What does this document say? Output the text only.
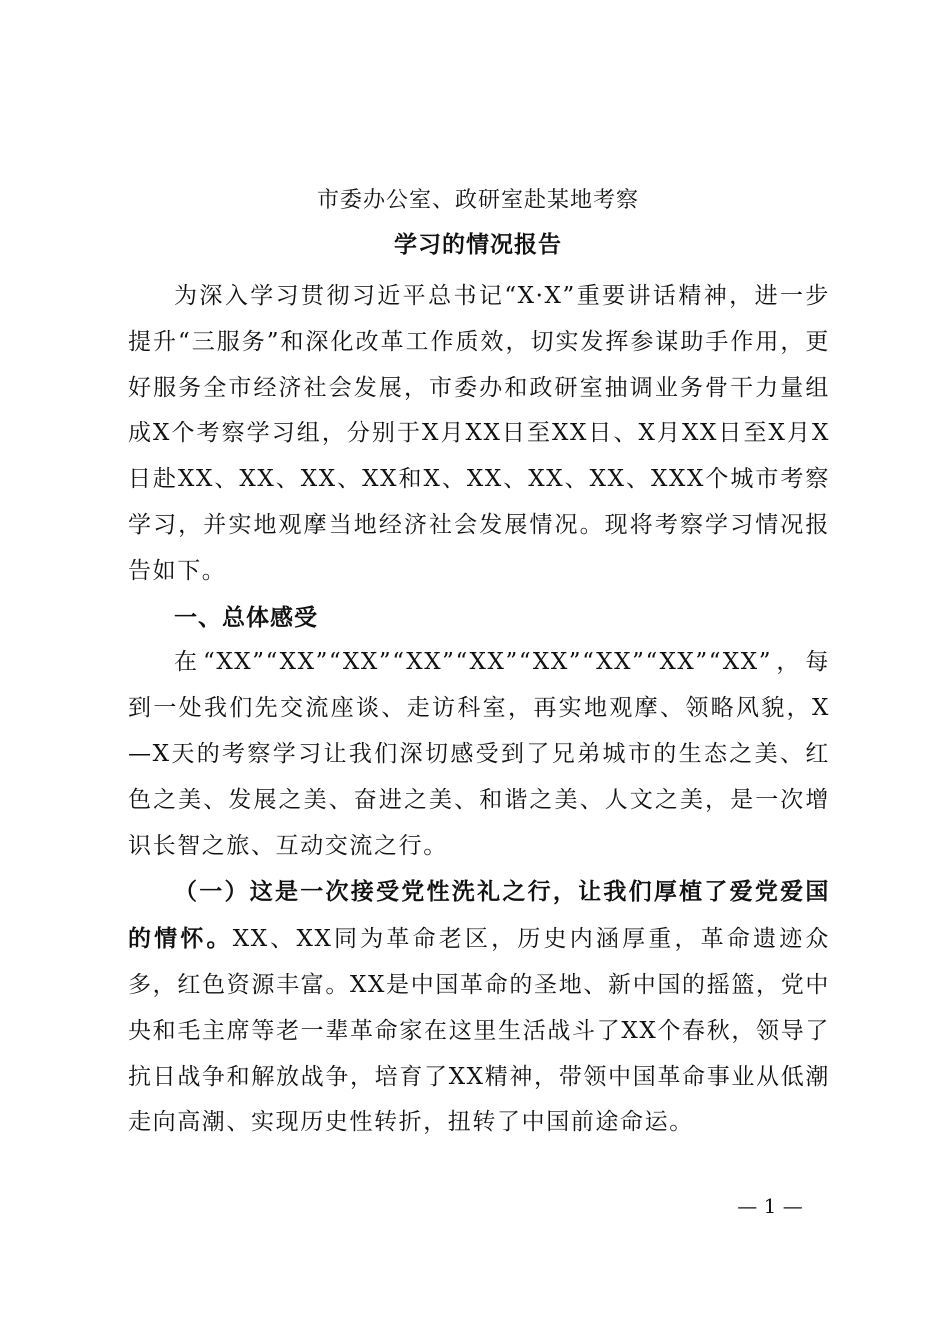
市委办公室、政研室赴某地考察
学习的情况报告

为深入学习贯彻习近平总书记“X·X”重要讲话精神，进一步提升“三服务”和深化改革工作质效，切实发挥参谋助手作用，更好服务全市经济社会发展，市委办和政研室抽调业务骨干力量组成X个考察学习组，分别于X月XX日至XX日、X月XX日至X月X日赴XX、XX、XX、XX和X、XX、XX、XX、XXX个城市考察学习，并实地观摩当地经济社会发展情况。现将考察学习情况报告如下。

一、总体感受

在“XX”“XX”“XX”“XX”“XX”“XX”“XX”“XX”“XX”，每到一处我们先交流座谈、走访科室，再实地观摩、领略风貌，X—X天的考察学习让我们深切感受到了兄弟城市的生态之美、红色之美、发展之美、奋进之美、和谐之美、人文之美，是一次增识长智之旅、互动交流之行。

（一）这是一次接受党性洗礼之行，让我们厚植了爱党爱国的情怀。XX、XX同为革命老区，历史内涵厚重，革命遗迹众多，红色资源丰富。XX是中国革命的圣地、新中国的摇篮，党中央和毛主席等老一辈革命家在这里生活战斗了XX个春秋，领导了抗日战争和解放战争，培育了XX精神，带领中国革命事业从低潮走向高潮、实现历史性转折，扭转了中国前途命运。

— 1 —
